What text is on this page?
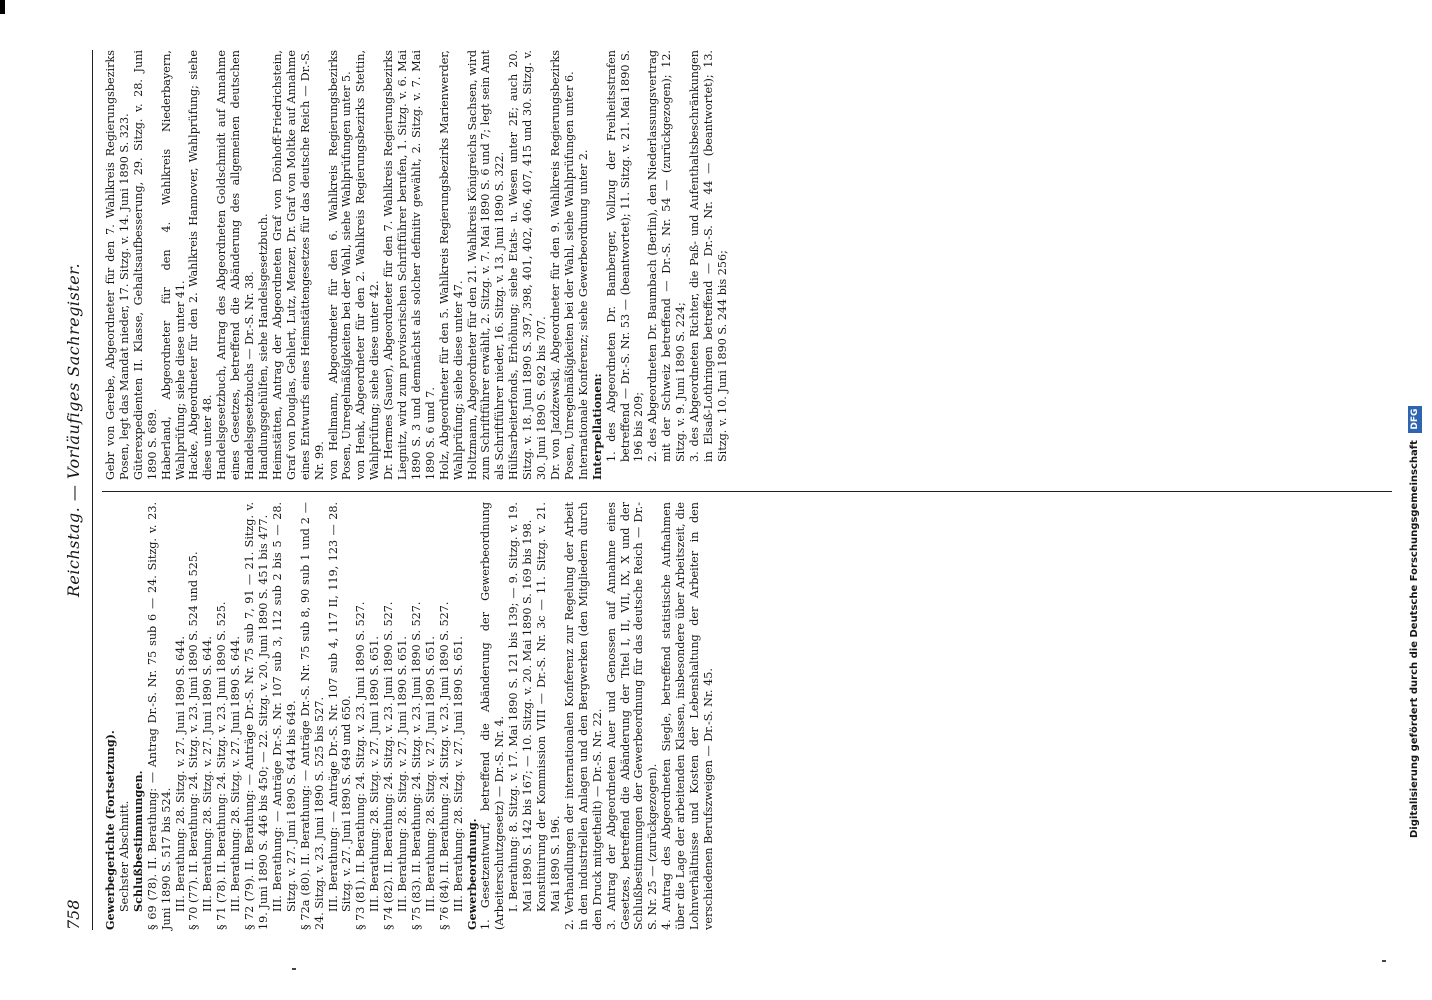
758
Reichstag. — Vorläufiges Sachregister.

Gewerbegerichte (Fortsetzung). Sechster Abschnitt. Schlußbestimmungen. § 69 (78). II. Berathung: — Antrag Dr.-S. Nr. 75 sub 6 — 24. Sitzg. v. 23. Juni 1890 S. 517 bis 524. III. Berathung: 28. Sitzg. v. 27. Juni 1890 S. 644. § 70 (77). II. Berathung: 24. Sitzg. v. 23. Juni 1890 S. 524 und 525. III. Berathung: 28. Sitzg. v. 27. Juni 1890 S. 644. § 71 (78). II. Berathung: 24. Sitzg. v. 23. Juni 1890 S. 525. III. Berathung: 28. Sitzg. v. 27. Juni 1890 S. 644. § 72 (79). II. Berathung: — Anträge Dr.-S. Nr. 75 sub 7, 91 — 21. Sitzg. v. 19. Juni 1890 S. 446 bis 450; — 22. Sitzg. v. 20. Juni 1890 S. 451 bis 477. III. Berathung: — Anträge Dr.-S. Nr. 107 sub 3, 112 sub 2 bis 5 — 28. Sitzg. v. 27. Juni 1890 S. 644 bis 649. § 72a (80). II. Berathung: — Anträge Dr.-S. Nr. 75 sub 8, 90 sub 1 und 2 — 24. Sitzg. v. 23. Juni 1890 S. 525 bis 527. III. Berathung: — Anträge Dr.-S. Nr. 107 sub 4, 117 II, 119, 123 — 28. Sitzg. v. 27. Juni 1890 S. 649 und 650. § 73 (81). II. Berathung: 24. Sitzg. v. 23. Juni 1890 S. 527. III. Berathung: 28. Sitzg. v. 27. Juni 1890 S. 651. § 74 (82). II. Berathung: 24. Sitzg. v. 23. Juni 1890 S. 527. III. Berathung: 28. Sitzg. v. 27. Juni 1890 S. 651. § 75 (83). II. Berathung: 24. Sitzg. v. 23. Juni 1890 S. 527. III. Berathung: 28. Sitzg. v. 27. Juni 1890 S. 651. § 76 (84). II. Berathung: 24. Sitzg. v. 23. Juni 1890 S. 527. III. Berathung: 28. Sitzg. v. 27. Juni 1890 S. 651. Gewerbeordnung. 1. Gesetzentwurf, betreffend die Abänderung der Gewerbeordnung (Arbeiterschutzgesetz) — Dr.-S. Nr. 4. I. Berathung: 8. Sitzg. v. 17. Mai 1890 S. 121 bis 139; — 9. Sitzg. v. 19. Mai 1890 S. 142 bis 167; — 10. Sitzg. v. 20. Mai 1890 S. 169 bis 198. Konstituirung der Kommission VIII — Dr.-S. Nr. 3c — 11. Sitzg. v. 21. Mai 1890 S. 196. 2. Verhandlungen der internationalen Konferenz zur Regelung der Arbeit in den industriellen Anlagen und den Bergwerken (den Mitgliedern durch den Druck mitgetheilt) — Dr.-S. Nr. 22. 3. Antrag der Abgeordneten Auer und Genossen auf Annahme eines Gesetzes, betreffend die Abänderung der Titel I, II, VII, IX, X und der Schlußbestimmungen der Gewerbeordnung für das deutsche Reich — Dr.-S. Nr. 25 — (zurückgezogen). 4. Antrag des Abgeordneten Siegle, betreffend statistische Aufnahmen über die Lage der arbeitenden Klassen, insbesondere über Arbeitszeit, die Lohnverhältnisse und Kosten der Lebenshaltung der Arbeiter in den verschiedenen Berufszweigen — Dr.-S. Nr. 45.

Gebr von Gerebe, Abgeordneter für den 7. Wahlkreis Regierungsbezirks Posen, legt das Mandat nieder, 17. Sitzg. v. 14. Juni 1890 S. 323. Güterexpedienten II. Klasse, Gehaltsaufbesserung, 29. Sitzg. v. 28. Juni 1890 S. 689. Haberland, Abgeordneter für den 4. Wahlkreis Niederbayern, Wahlprüfung; siehe diese unter 41. Hacke, Abgeordneter für den 2. Wahlkreis Hannover, Wahlprüfung; siehe diese unter 48. Handelsgesetzbuch, Antrag des Abgeordneten Goldschmidt auf Annahme eines Gesetzes, betreffend die Abänderung des allgemeinen deutschen Handelsgesetzbuchs — Dr.-S. Nr. 38. Handlungsgehülfen, siehe Handelsgesetzbuch. Heimstätten, Antrag der Abgeordneten Graf von Dönhoff-Friedrichstein, Graf von Douglas, Gehlert, Lutz, Menzer, Dr. Graf von Moltke auf Annahme eines Entwurfs eines Heimstättengesetzes für das deutsche Reich — Dr.-S. Nr. 99. von Hellmann, Abgeordneter für den 6. Wahlkreis Regierungsbezirks Posen, Unregelmäßigkeiten bei der Wahl, siehe Wahlprüfungen unter 5. von Henk, Abgeordneter für den 2. Wahlkreis Regierungsbezirks Stettin, Wahlprüfung; siehe diese unter 42. Dr. Hermes (Sauer), Abgeordneter für den 7. Wahlkreis Regierungsbezirks Liegnitz, wird zum provisorischen Schriftführer berufen, 1. Sitzg. v. 6. Mai 1890 S. 3 und demnächst als solcher definitiv gewählt, 2. Sitzg. v. 7. Mai 1890 S. 6 und 7. Holz, Abgeordneter für den 5. Wahlkreis Regierungsbezirks Marienwerder, Wahlprüfung; siehe diese unter 47. Holtzmann, Abgeordneter für den 21. Wahlkreis Königreichs Sachsen, wird zum Schriftführer erwählt, 2. Sitzg. v. 7. Mai 1890 S. 6 und 7; legt sein Amt als Schriftführer nieder, 16. Sitzg. v. 13. Juni 1890 S. 322. Hülfsarbeiterfonds, Erhöhung; siehe Etats- u. Wesen unter 2E; auch 20. Sitzg. v. 18. Juni 1890 S. 397, 398, 401, 402, 406, 407, 415 und 30. Sitzg. v. 30. Juni 1890 S. 692 bis 707. Dr. von Jazdzewski, Abgeordneter für den 9. Wahlkreis Regierungsbezirks Posen, Unregelmäßigkeiten bei der Wahl, siehe Wahlprüfungen unter 6. Internationale Konferenz; siehe Gewerbeordnung unter 2. Interpellationen: 1. des Abgeordneten Dr. Bamberger, Vollzug der Freiheitsstrafen betreffend — Dr.-S. Nr. 53 — (beantwortet); 11. Sitzg. v. 21. Mai 1890 S. 196 bis 209; 2. des Abgeordneten Dr. Baumbach (Berlin), den Niederlassungsvertrag mit der Schweiz betreffend — Dr.-S. Nr. 54 — (zurückgezogen); 12. Sitzg. v. 9. Juni 1890 S. 224; 3. des Abgeordneten Richter, die Paß- und Aufenthaltsbeschränkungen in Elsaß-Lothringen betreffend — Dr.-S. Nr. 44 — (beantwortet); 13. Sitzg. v. 10. Juni 1890 S. 244 bis 256;

Digitalisierung gefördert durch die Deutsche Forschungsgemeinschaft DFG
